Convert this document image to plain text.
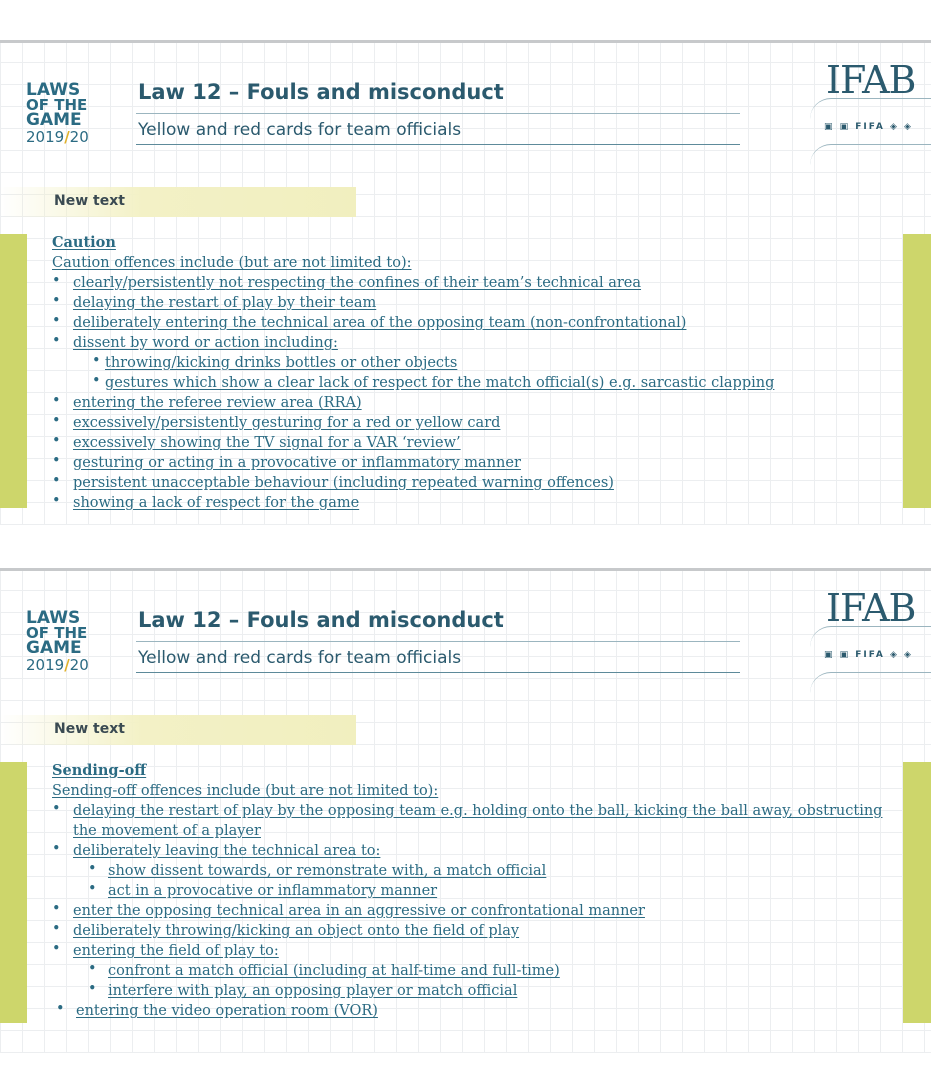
LAWS
OF THE
GAME
2019/20
Law 12 – Fouls and misconduct
Yellow and red cards for team officials
IFAB
▣ ▣ FIFA ◈ ◈
New text
Caution
Caution offences include (but are not limited to):
• clearly/persistently not respecting the confines of their team’s technical area
• delaying the restart of play by their team
• deliberately entering the technical area of the opposing team (non-confrontational)
• dissent by word or action including:
• throwing/kicking drinks bottles or other objects
• gestures which show a clear lack of respect for the match official(s) e.g. sarcastic clapping
• entering the referee review area (RRA)
• excessively/persistently gesturing for a red or yellow card
• excessively showing the TV signal for a VAR ‘review’
• gesturing or acting in a provocative or inflammatory manner
• persistent unacceptable behaviour (including repeated warning offences)
• showing a lack of respect for the game
LAWS
OF THE
GAME
2019/20
Law 12 – Fouls and misconduct
Yellow and red cards for team officials
IFAB
▣ ▣ FIFA ◈ ◈
New text
Sending-off
Sending-off offences include (but are not limited to):
• delaying the restart of play by the opposing team e.g. holding onto the ball, kicking the ball away, obstructing
the movement of a player
• deliberately leaving the technical area to:
• show dissent towards, or remonstrate with, a match official
• act in a provocative or inflammatory manner
• enter the opposing technical area in an aggressive or confrontational manner
• deliberately throwing/kicking an object onto the field of play
• entering the field of play to:
• confront a match official (including at half-time and full-time)
• interfere with play, an opposing player or match official
• entering the video operation room (VOR)
